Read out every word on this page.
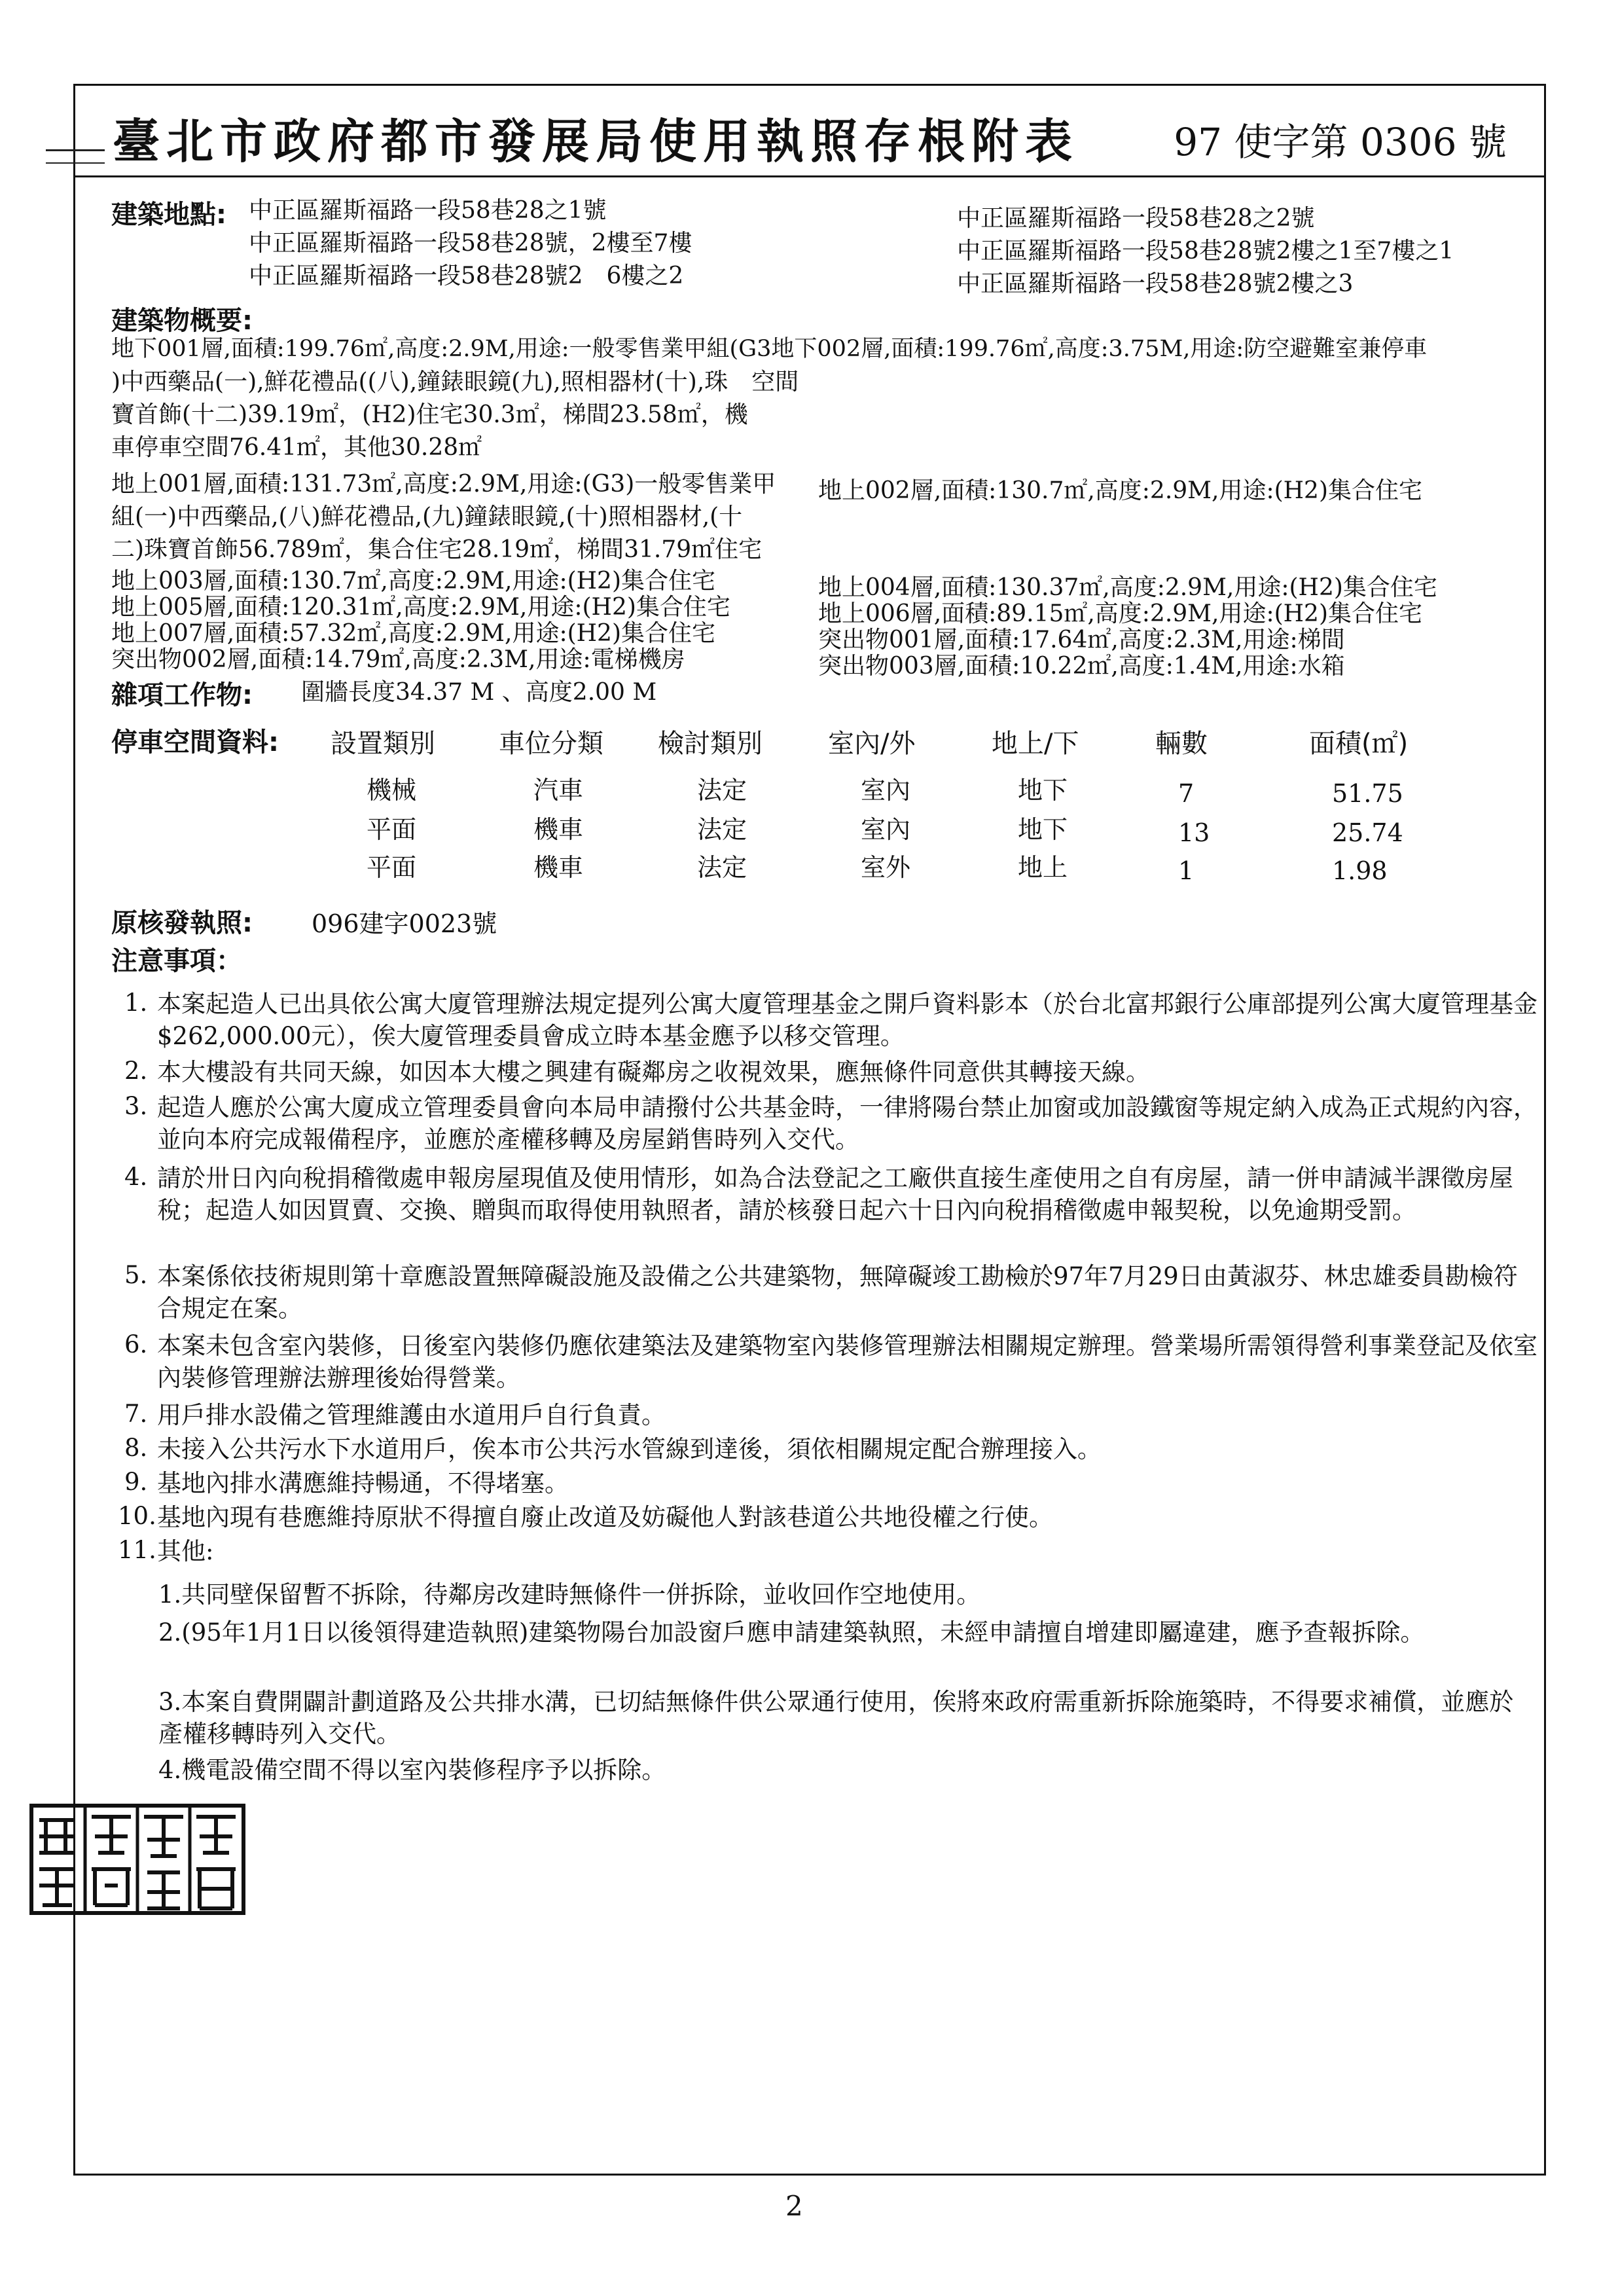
臺北市政府都市發展局使用執照存根附表	97 使字第 0306 號
建築地點: 中正區羅斯福路一段58巷28之1號
中正區羅斯福路一段58巷28號，2樓至7樓
中正區羅斯福路一段58巷28號2　6樓之2
中正區羅斯福路一段58巷28之2號
中正區羅斯福路一段58巷28號2樓之1至7樓之1
中正區羅斯福路一段58巷28號2樓之3
建築物概要:
地下001層,面積:199.76㎡,高度:2.9M,用途:一般零售業甲組(G3地下002層,面積:199.76㎡,高度:3.75M,用途:防空避難室兼停車
)中西藥品(一),鮮花禮品((八),鐘錶眼鏡(九),照相器材(十),珠　空間
寶首飾(十二)39.19㎡，(H2)住宅30.3㎡，梯間23.58㎡，機
車停車空間76.41㎡，其他30.28㎡
地上001層,面積:131.73㎡,高度:2.9M,用途:(G3)一般零售業甲
組(一)中西藥品,(八)鮮花禮品,(九)鐘錶眼鏡,(十)照相器材,(十
二)珠寶首飾56.789㎡，集合住宅28.19㎡，梯間31.79㎡住宅
地上002層,面積:130.7㎡,高度:2.9M,用途:(H2)集合住宅
地上003層,面積:130.7㎡,高度:2.9M,用途:(H2)集合住宅
地上005層,面積:120.31㎡,高度:2.9M,用途:(H2)集合住宅
地上007層,面積:57.32㎡,高度:2.9M,用途:(H2)集合住宅
突出物002層,面積:14.79㎡,高度:2.3M,用途:電梯機房
地上004層,面積:130.37㎡,高度:2.9M,用途:(H2)集合住宅
地上006層,面積:89.15㎡,高度:2.9M,用途:(H2)集合住宅
突出物001層,面積:17.64㎡,高度:2.3M,用途:梯間
突出物003層,面積:10.22㎡,高度:1.4M,用途:水箱
雜項工作物: 圍牆長度34.37 M 、高度2.00 M
停車空間資料: 設置類別 車位分類 檢討類別	室內/外	地上/下	輛數	面積(㎡)
機械	汽車	法定	室內	地下	7	51.75
平面	機車	法定	室內	地下	13	25.74
平面	機車	法定	室外	地上	1	1.98
原核發執照: 096建字0023號
注意事項：
1. 本案起造人已出具依公寓大廈管理辦法規定提列公寓大廈管理基金之開戶資料影本（於台北富邦銀行公庫部提列公寓大廈管理基金$262,000.00元），俟大廈管理委員會成立時本基金應予以移交管理。
2. 本大樓設有共同天線，如因本大樓之興建有礙鄰房之收視效果，應無條件同意供其轉接天線。
3. 起造人應於公寓大廈成立管理委員會向本局申請撥付公共基金時，一律將陽台禁止加窗或加設鐵窗等規定納入成為正式規約內容，並向本府完成報備程序，並應於產權移轉及房屋銷售時列入交代。
4. 請於卅日內向稅捐稽徵處申報房屋現值及使用情形，如為合法登記之工廠供直接生產使用之自有房屋，請一併申請減半課徵房屋稅；起造人如因買賣、交換、贈與而取得使用執照者，請於核發日起六十日內向稅捐稽徵處申報契稅，以免逾期受罰。
5. 本案係依技術規則第十章應設置無障礙設施及設備之公共建築物，無障礙竣工勘檢於97年7月29日由黃淑芬、林忠雄委員勘檢符合規定在案。
6. 本案未包含室內裝修，日後室內裝修仍應依建築法及建築物室內裝修管理辦法相關規定辦理。營業場所需領得營利事業登記及依室內裝修管理辦法辦理後始得營業。
7. 用戶排水設備之管理維護由水道用戶自行負責。
8. 未接入公共污水下水道用戶，俟本市公共污水管線到達後，須依相關規定配合辦理接入。
9. 基地內排水溝應維持暢通，不得堵塞。
10. 基地內現有巷應維持原狀不得擅自廢止改道及妨礙他人對該巷道公共地役權之行使。
11. 其他:
1.共同壁保留暫不拆除，待鄰房改建時無條件一併拆除，並收回作空地使用。
2.(95年1月1日以後領得建造執照)建築物陽台加設窗戶應申請建築執照，未經申請擅自增建即屬違建，應予查報拆除。
3.本案自費開闢計劃道路及公共排水溝，已切結無條件供公眾通行使用，俟將來政府需重新拆除施築時，不得要求補償，並應於產權移轉時列入交代。
4.機電設備空間不得以室內裝修程序予以拆除。
2
